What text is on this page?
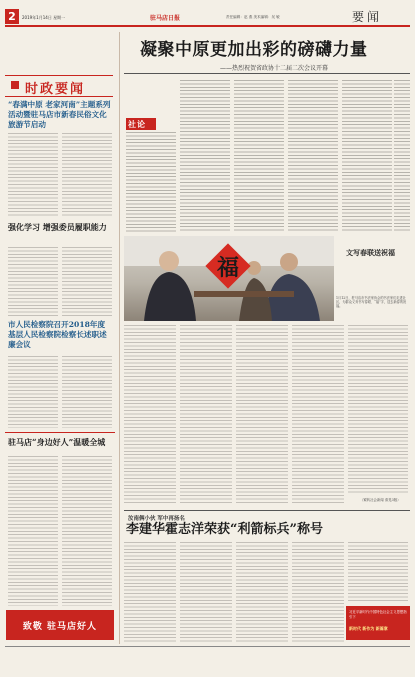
2	2019年1月14日 星期一	驻马店日报	责任编辑：赵 燕 美术编辑：吴 敏	要闻
时政要闻
“春满中原 老家河南”主题系列活动暨驻马店市新春民俗文化旅游节启动
强化学习 增强委员履职能力
市人民检察院召开2018年度基层人民检察院检察长述职述廉会议
驻马店“身边好人”温暖全城
致敬 驻马店好人
凝聚中原更加出彩的磅礴力量
——热烈祝贺省政协十二届二次会议开幕
社论
福
文写春联送祝福
1月12日，驻马店市书法家协会的书法家们走进社区，为群众义务书写春联、“福”字，送去新春的祝福。
（紧转社会新闻 请见3版）
汝南俩小伙 军中再扬名
李建华霍志洋荣获“利箭标兵”称号
习近平新时代中国特色社会主义思想指引下
新时代 新作为 新篇章
